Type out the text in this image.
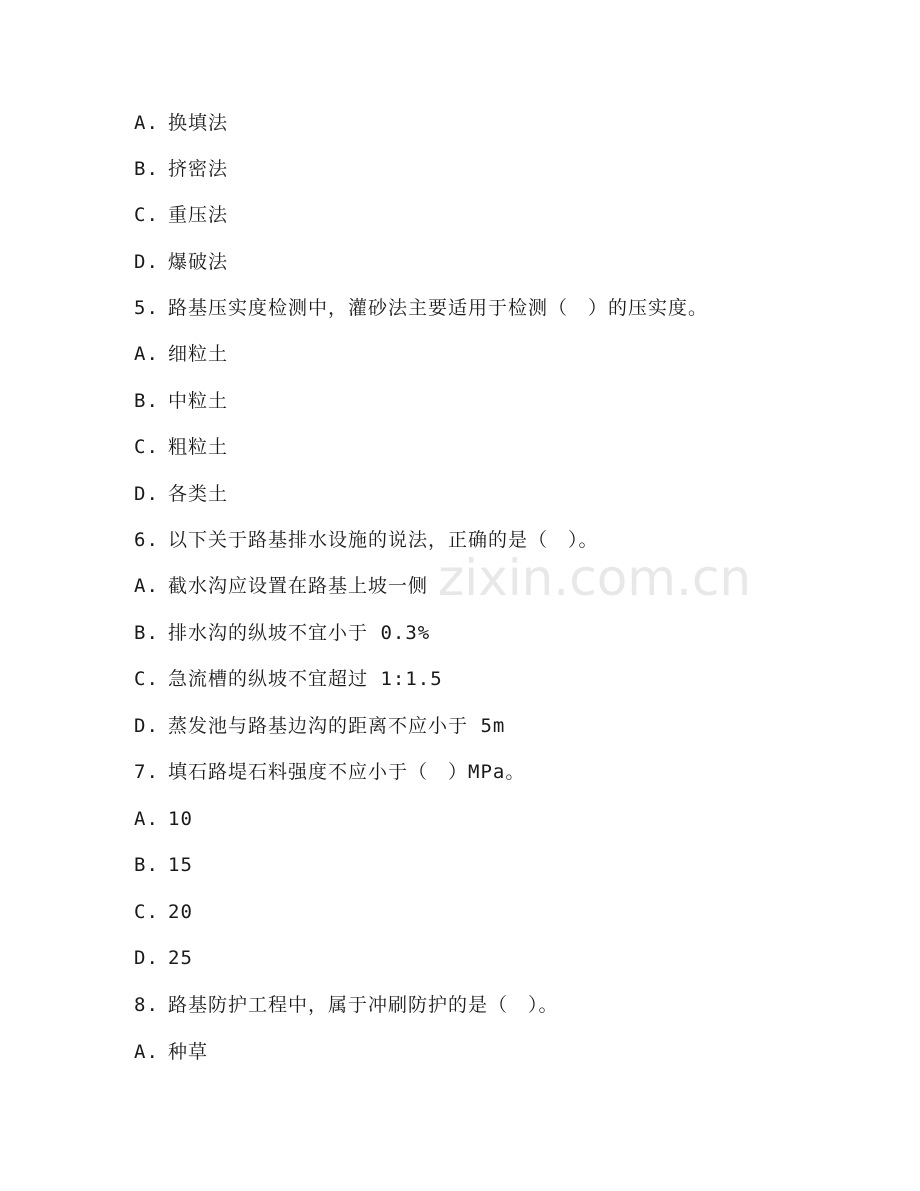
A. 换填法
B. 挤密法
C. 重压法
D. 爆破法
5. 路基压实度检测中，灌砂法主要适用于检测（　）的压实度。
A. 细粒土
B. 中粒土
C. 粗粒土
D. 各类土
6. 以下关于路基排水设施的说法，正确的是（　）。
A. 截水沟应设置在路基上坡一侧
B. 排水沟的纵坡不宜小于 0.3%
C. 急流槽的纵坡不宜超过 1:1.5
D. 蒸发池与路基边沟的距离不应小于 5m
7. 填石路堤石料强度不应小于（　）MPa。
A. 10
B. 15
C. 20
D. 25
8. 路基防护工程中，属于冲刷防护的是（　）。
A. 种草
zixin.com.cn
